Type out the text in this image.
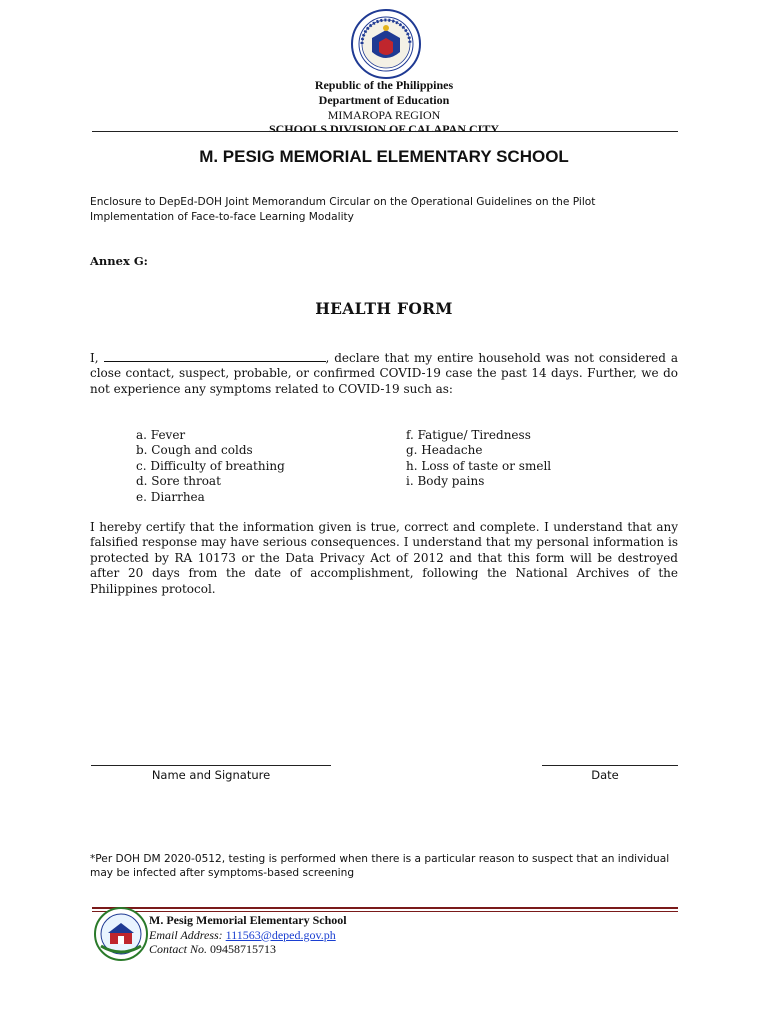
Republic of the Philippines
Department of Education
MIMAROPA REGION
SCHOOLS DIVISION OF CALAPAN CITY
M. PESIG MEMORIAL ELEMENTARY SCHOOL
Enclosure to DepEd-DOH Joint Memorandum Circular on the Operational Guidelines on the Pilot Implementation of Face-to-face Learning Modality
Annex G:
HEALTH FORM
I,	, declare that my entire household was not considered a close contact, suspect, probable, or confirmed COVID-19 case the past 14 days. Further, we do not experience any symptoms related to COVID-19 such as:
a. Fever
b. Cough and colds
c. Difficulty of breathing
d. Sore throat
e. Diarrhea
f. Fatigue/ Tiredness
g. Headache
h. Loss of taste or smell
i. Body pains
I hereby certify that the information given is true, correct and complete. I understand that any falsified response may have serious consequences. I understand that my personal information is protected by RA 10173 or the Data Privacy Act of 2012 and that this form will be destroyed after 20 days from the date of accomplishment, following the National Archives of the Philippines protocol.
Name and Signature	Date
*Per DOH DM 2020-0512, testing is performed when there is a particular reason to suspect that an individual may be infected after symptoms-based screening
M. Pesig Memorial Elementary School
Email Address: 111563@deped.gov.ph
Contact No. 09458715713
